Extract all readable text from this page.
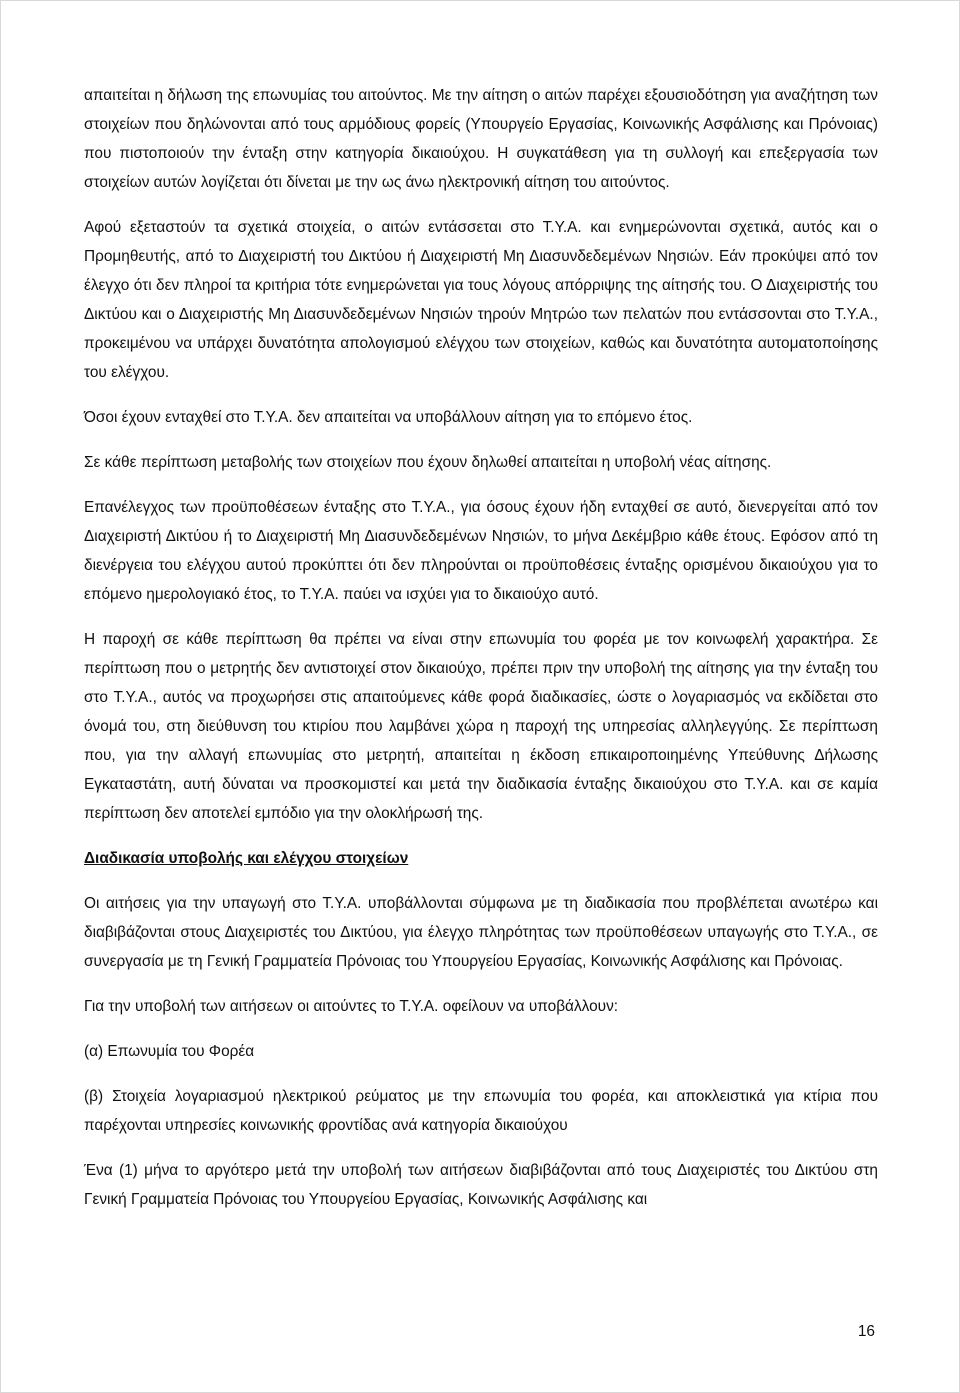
απαιτείται η δήλωση της επωνυμίας του αιτούντος. Με την αίτηση ο αιτών παρέχει εξουσιοδότηση για αναζήτηση των στοιχείων που δηλώνονται από τους αρμόδιους φορείς (Υπουργείο Εργασίας, Κοινωνικής Ασφάλισης και Πρόνοιας) που πιστοποιούν την ένταξη στην κατηγορία δικαιούχου. Η συγκατάθεση για τη συλλογή και επεξεργασία των στοιχείων αυτών λογίζεται ότι δίνεται με την ως άνω ηλεκτρονική αίτηση του αιτούντος.

Αφού εξεταστούν τα σχετικά στοιχεία, ο αιτών εντάσσεται στο Τ.Υ.Α. και ενημερώνονται σχετικά, αυτός και ο Προμηθευτής, από το Διαχειριστή του Δικτύου ή Διαχειριστή Μη Διασυνδεδεμένων Νησιών. Εάν προκύψει από τον έλεγχο ότι δεν πληροί τα κριτήρια τότε ενημερώνεται για τους λόγους απόρριψης της αίτησής του. Ο Διαχειριστής του Δικτύου και ο Διαχειριστής Μη Διασυνδεδεμένων Νησιών τηρούν Μητρώο των πελατών που εντάσσονται στο Τ.Υ.Α., προκειμένου να υπάρχει δυνατότητα απολογισμού ελέγχου των στοιχείων, καθώς και δυνατότητα αυτοματοποίησης του ελέγχου.

Όσοι έχουν ενταχθεί στο Τ.Υ.Α. δεν απαιτείται να υποβάλλουν αίτηση για το επόμενο έτος.

Σε κάθε περίπτωση μεταβολής των στοιχείων που έχουν δηλωθεί απαιτείται η υποβολή νέας αίτησης.

Επανέλεγχος των προϋποθέσεων ένταξης στο Τ.Υ.Α., για όσους έχουν ήδη ενταχθεί σε αυτό, διενεργείται από τον Διαχειριστή Δικτύου ή το Διαχειριστή Μη Διασυνδεδεμένων Νησιών, το μήνα Δεκέμβριο κάθε έτους. Εφόσον από τη διενέργεια του ελέγχου αυτού προκύπτει ότι δεν πληρούνται οι προϋποθέσεις ένταξης ορισμένου δικαιούχου για το επόμενο ημερολογιακό έτος, το Τ.Υ.Α. παύει να ισχύει για το δικαιούχο αυτό.

Η παροχή σε κάθε περίπτωση θα πρέπει να είναι στην επωνυμία του φορέα με τον κοινωφελή χαρακτήρα. Σε περίπτωση που ο μετρητής δεν αντιστοιχεί στον δικαιούχο, πρέπει πριν την υποβολή της αίτησης για την ένταξη του στο Τ.Υ.Α., αυτός να προχωρήσει στις απαιτούμενες κάθε φορά διαδικασίες, ώστε ο λογαριασμός να εκδίδεται στο όνομά του, στη διεύθυνση του κτιρίου που λαμβάνει χώρα η παροχή της υπηρεσίας αλληλεγγύης. Σε περίπτωση που, για την αλλαγή επωνυμίας στο μετρητή, απαιτείται η έκδοση επικαιροποιημένης Υπεύθυνης Δήλωσης Εγκαταστάτη, αυτή δύναται να προσκομιστεί και μετά την διαδικασία ένταξης δικαιούχου στο Τ.Υ.Α. και σε καμία περίπτωση δεν αποτελεί εμπόδιο για την ολοκλήρωσή της.

Διαδικασία υποβολής και ελέγχου στοιχείων

Οι αιτήσεις για την υπαγωγή στο Τ.Υ.Α. υποβάλλονται σύμφωνα με τη διαδικασία που προβλέπεται ανωτέρω και διαβιβάζονται στους Διαχειριστές του Δικτύου, για έλεγχο πληρότητας των προϋποθέσεων υπαγωγής στο Τ.Υ.Α., σε συνεργασία με τη Γενική Γραμματεία Πρόνοιας του Υπουργείου Εργασίας, Κοινωνικής Ασφάλισης και Πρόνοιας.

Για την υποβολή των αιτήσεων οι αιτούντες το Τ.Υ.Α. οφείλουν να υποβάλλουν:

(α) Επωνυμία του Φορέα

(β) Στοιχεία λογαριασμού ηλεκτρικού ρεύματος με την επωνυμία του φορέα, και αποκλειστικά για κτίρια που παρέχονται υπηρεσίες κοινωνικής φροντίδας ανά κατηγορία δικαιούχου

Ένα (1) μήνα το αργότερο μετά την υποβολή των αιτήσεων διαβιβάζονται από τους Διαχειριστές του Δικτύου στη Γενική Γραμματεία Πρόνοιας του Υπουργείου Εργασίας, Κοινωνικής Ασφάλισης και

16
